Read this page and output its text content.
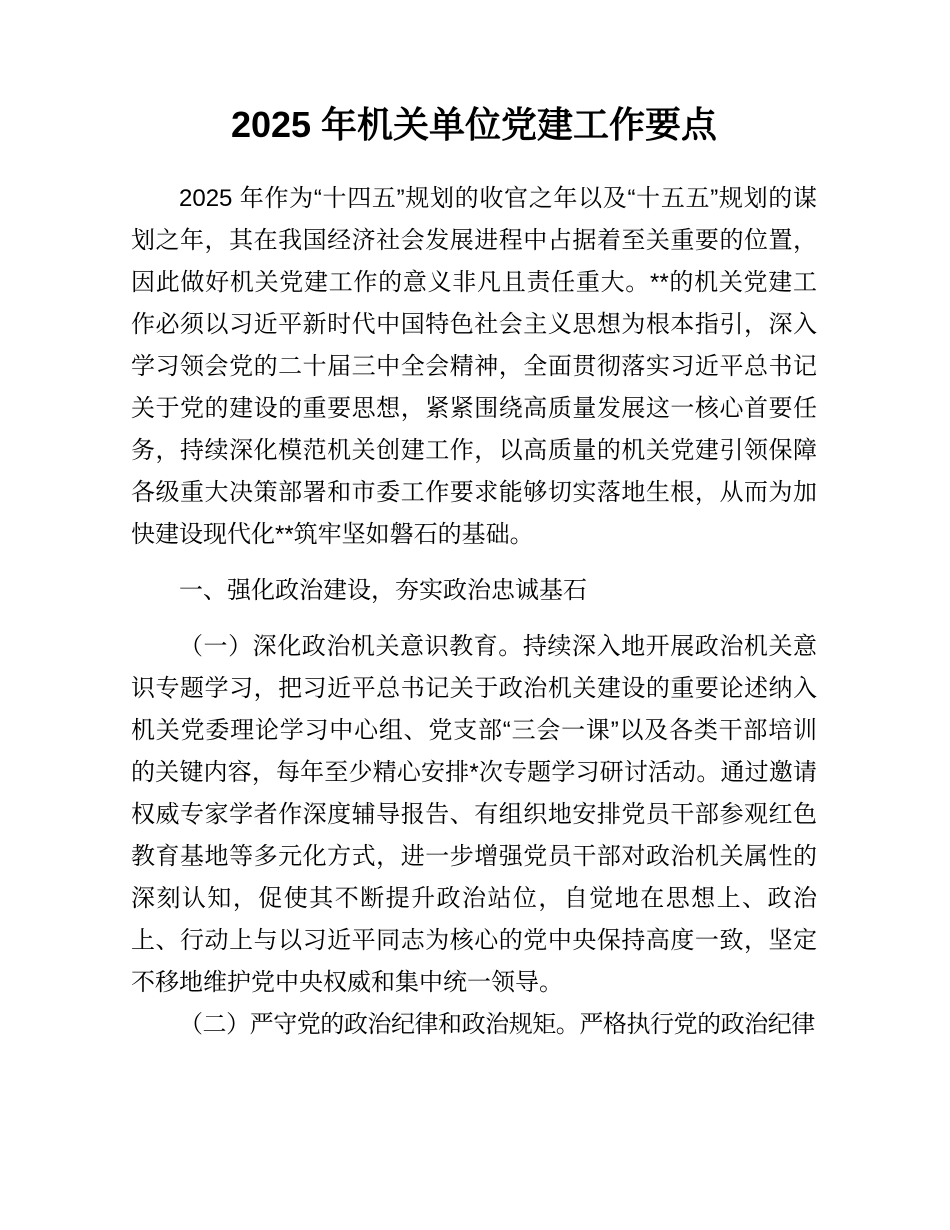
2025 年机关单位党建工作要点

2025 年作为“十四五”规划的收官之年以及“十五五”规划的谋划之年，其在我国经济社会发展进程中占据着至关重要的位置，因此做好机关党建工作的意义非凡且责任重大。**的机关党建工作必须以习近平新时代中国特色社会主义思想为根本指引，深入学习领会党的二十届三中全会精神，全面贯彻落实习近平总书记关于党的建设的重要思想，紧紧围绕高质量发展这一核心首要任务，持续深化模范机关创建工作，以高质量的机关党建引领保障各级重大决策部署和市委工作要求能够切实落地生根，从而为加快建设现代化**筑牢坚如磐石的基础。

一、强化政治建设，夯实政治忠诚基石

（一）深化政治机关意识教育。持续深入地开展政治机关意识专题学习，把习近平总书记关于政治机关建设的重要论述纳入机关党委理论学习中心组、党支部“三会一课”以及各类干部培训的关键内容，每年至少精心安排*次专题学习研讨活动。通过邀请权威专家学者作深度辅导报告、有组织地安排党员干部参观红色教育基地等多元化方式，进一步增强党员干部对政治机关属性的深刻认知，促使其不断提升政治站位，自觉地在思想上、政治上、行动上与以习近平同志为核心的党中央保持高度一致，坚定不移地维护党中央权威和集中统一领导。

（二）严守党的政治纪律和政治规矩。严格执行党的政治纪律
